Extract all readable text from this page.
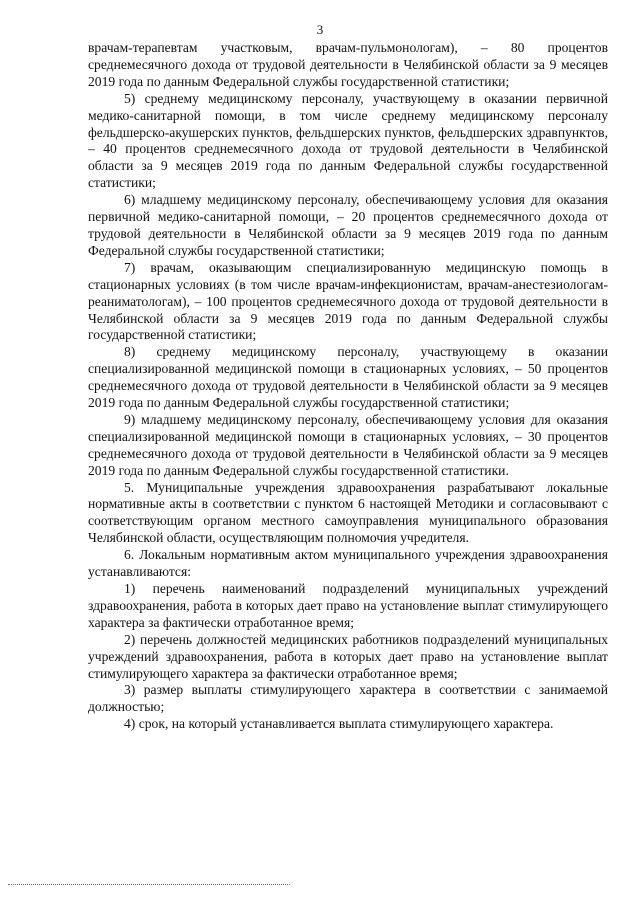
3

врачам-терапевтам участковым, врачам-пульмонологам), – 80 процентов среднемесячного дохода от трудовой деятельности в Челябинской области за 9 месяцев 2019 года по данным Федеральной службы государственной статистики;

5) среднему медицинскому персоналу, участвующему в оказании первичной медико-санитарной помощи, в том числе среднему медицинскому персоналу фельдшерско-акушерских пунктов, фельдшерских пунктов, фельдшерских здравпунктов, – 40 процентов среднемесячного дохода от трудовой деятельности в Челябинской области за 9 месяцев 2019 года по данным Федеральной службы государственной статистики;

6) младшему медицинскому персоналу, обеспечивающему условия для оказания первичной медико-санитарной помощи, – 20 процентов среднемесячного дохода от трудовой деятельности в Челябинской области за 9 месяцев 2019 года по данным Федеральной службы государственной статистики;

7) врачам, оказывающим специализированную медицинскую помощь в стационарных условиях (в том числе врачам-инфекционистам, врачам-анестезиологам-реаниматологам), – 100 процентов среднемесячного дохода от трудовой деятельности в Челябинской области за 9 месяцев 2019 года по данным Федеральной службы государственной статистики;

8) среднему медицинскому персоналу, участвующему в оказании специализированной медицинской помощи в стационарных условиях, – 50 процентов среднемесячного дохода от трудовой деятельности в Челябинской области за 9 месяцев 2019 года по данным Федеральной службы государственной статистики;

9) младшему медицинскому персоналу, обеспечивающему условия для оказания специализированной медицинской помощи в стационарных условиях, – 30 процентов среднемесячного дохода от трудовой деятельности в Челябинской области за 9 месяцев 2019 года по данным Федеральной службы государственной статистики.

5. Муниципальные учреждения здравоохранения разрабатывают локальные нормативные акты в соответствии с пунктом 6 настоящей Методики и согласовывают с соответствующим органом местного самоуправления муниципального образования Челябинской области, осуществляющим полномочия учредителя.

6. Локальным нормативным актом муниципального учреждения здравоохранения устанавливаются:

1) перечень наименований подразделений муниципальных учреждений здравоохранения, работа в которых дает право на установление выплат стимулирующего характера за фактически отработанное время;

2) перечень должностей медицинских работников подразделений муниципальных учреждений здравоохранения, работа в которых дает право на установление выплат стимулирующего характера за фактически отработанное время;

3) размер выплаты стимулирующего характера в соответствии с занимаемой должностью;

4) срок, на который устанавливается выплата стимулирующего характера.
